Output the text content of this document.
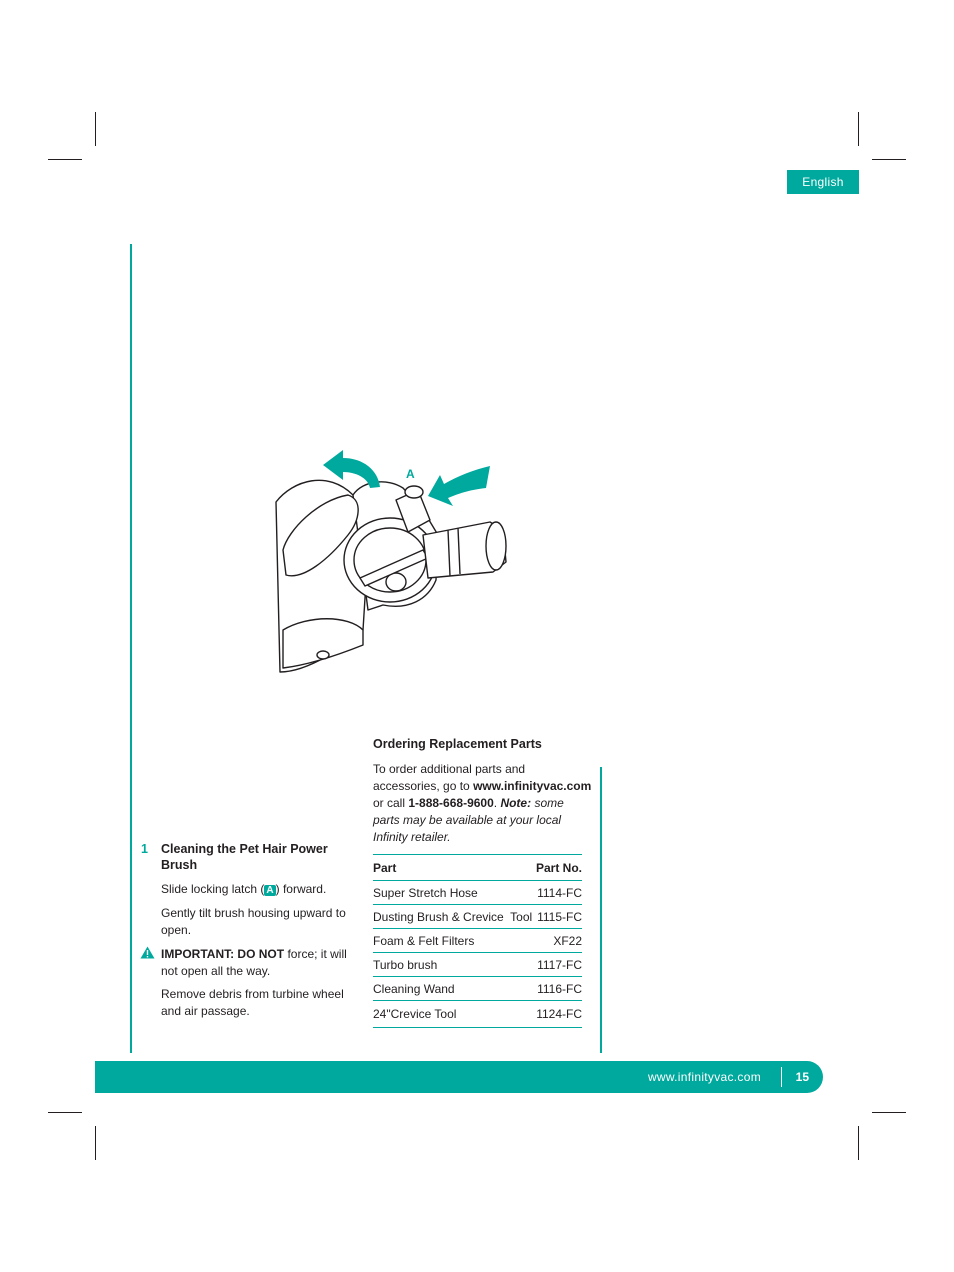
English
A
Ordering Replacement Parts
To order additional parts and accessories, go to www.infinityvac.com or call 1-888-668-9600. Note: some parts may be available at your local Infinity retailer.
Part	Part No.
Super Stretch Hose	1114-FC
Dusting Brush & Crevice  Tool	1115-FC
Foam & Felt Filters	XF22
Turbo brush	1117-FC
Cleaning Wand	1116-FC
24"Crevice Tool	1124-FC
1 Cleaning the Pet Hair Power Brush
Slide locking latch ( A ) forward.
Gently tilt brush housing upward to open.
IMPORTANT: DO NOT force; it will not open all the way.
Remove debris from turbine wheel and air passage.
www.infinityvac.com	15
